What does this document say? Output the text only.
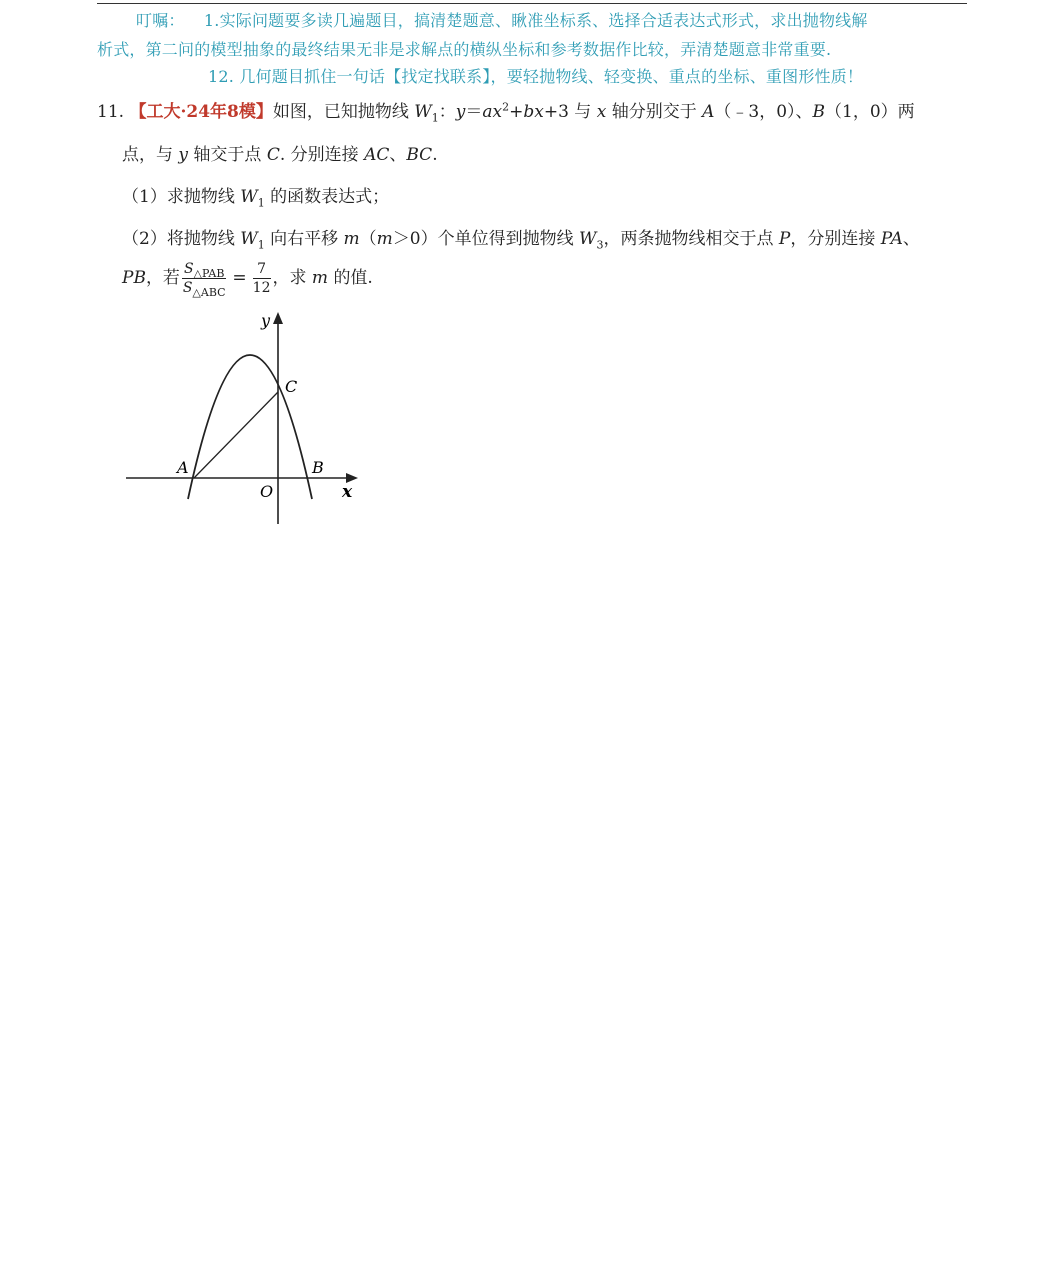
叮嘱： 1.实际问题要多读几遍题目，搞清楚题意、瞅准坐标系、选择合适表达式形式，求出抛物线解
析式，第二问的模型抽象的最终结果无非是求解点的横纵坐标和参考数据作比较，弄清楚题意非常重要.
12. 几何题目抓住一句话【找定找联系】，要轻抛物线、轻变换、重点的坐标、重图形性质！
11. 【工大·24年8模】如图，已知抛物线 $W_1$：$y=ax^2+bx+3$ 与 x 轴分别交于 A（﹣3，0）、B（1，0）两
点，与 y 轴交于点 C. 分别连接 AC、BC.
（1）求抛物线 $W_1$ 的函数表达式；
（2）将抛物线 $W_1$ 向右平移 m（m＞0）个单位得到抛物线 $W_3$，两条抛物线相交于点 P，分别连接 PA、
PB，若 $\frac{S_{\triangle PAB}}{S_{\triangle ABC}} = \frac{7}{12}$ ，求 m 的值.
y
x
A	B
C
O
